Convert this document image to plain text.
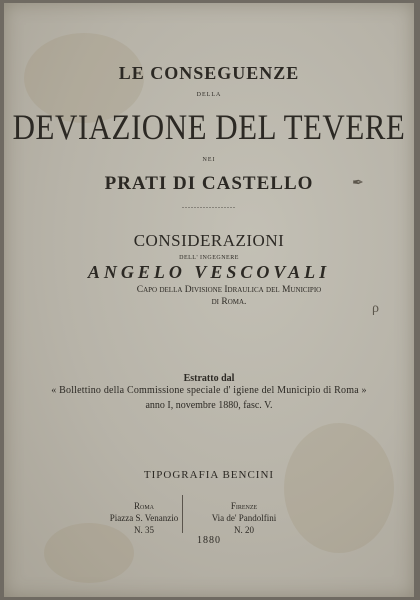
LE CONSEGUENZE

DELLA

DEVIAZIONE DEL TEVERE

NEI

PRATI DI CASTELLO

..................

CONSIDERAZIONI

DELL' INGEGNERE

ANGELO VESCOVALI

Capo della Divisione Idraulica del Municipio

di Roma.

✒
ρ

Estratto dal

« Bollettino della Commissione speciale d' igiene del Municipio di Roma »

anno I, novembre 1880, fasc. V.

TIPOGRAFIA BENCINI

Roma
Piazza S. Venanzio
N. 35
Firenze
Via de' Pandolfini
N. 20

1880
